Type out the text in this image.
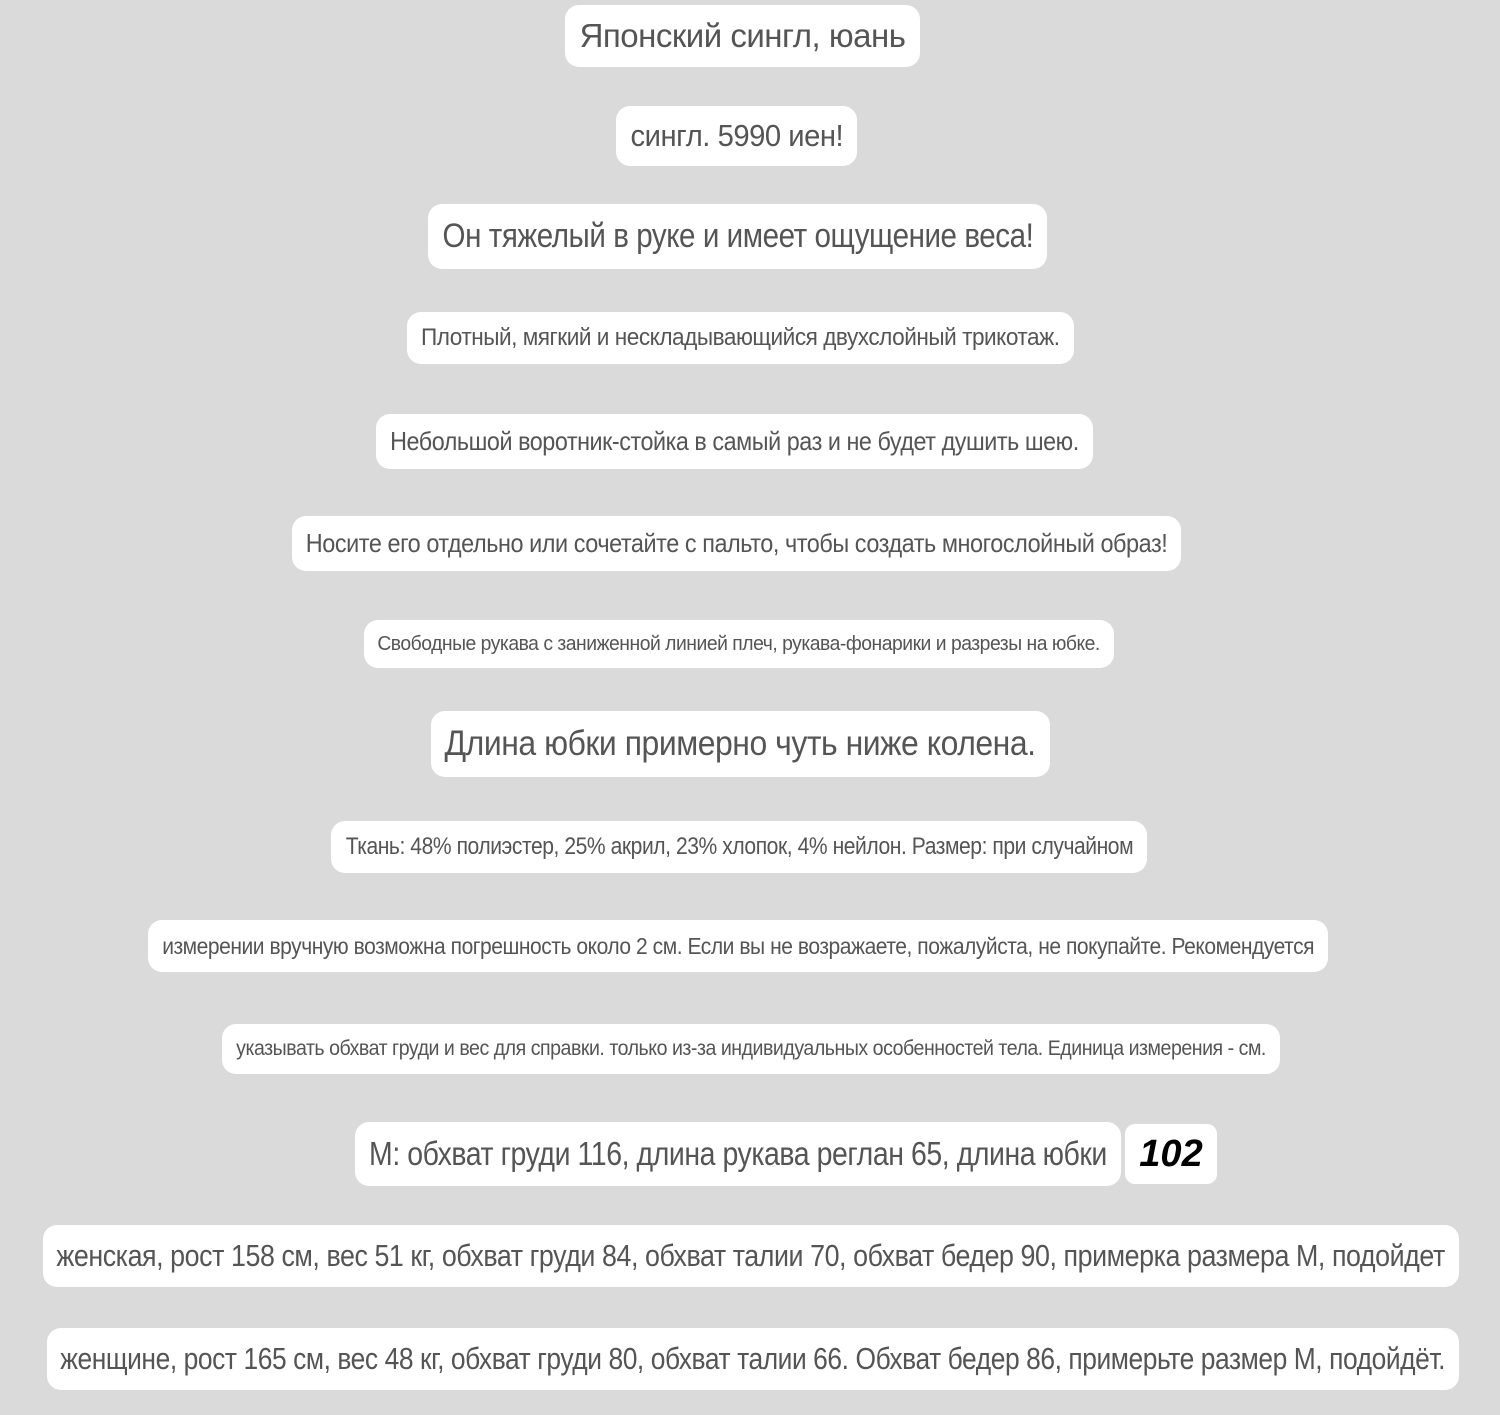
Японский сингл, юань
сингл. 5990 иен!
Он тяжелый в руке и имеет ощущение веса!
Плотный, мягкий и нескладывающийся двухслойный трикотаж.
Небольшой воротник-стойка в самый раз и не будет душить шею.
Носите его отдельно или сочетайте с пальто, чтобы создать многослойный образ!
Свободные рукава с заниженной линией плеч, рукава-фонарики и разрезы на юбке.
Длина юбки примерно чуть ниже колена.
Ткань: 48% полиэстер, 25% акрил, 23% хлопок, 4% нейлон. Размер: при случайном
измерении вручную возможна погрешность около 2 см. Если вы не возражаете, пожалуйста, не покупайте. Рекомендуется
указывать обхват груди и вес для справки. только из-за индивидуальных особенностей тела. Единица измерения - см.
М: обхват груди 116, длина рукава реглан 65, длина юбки 102
женская, рост 158 см, вес 51 кг, обхват груди 84, обхват талии 70, обхват бедер 90, примерка размера М, подойдет
женщине, рост 165 см, вес 48 кг, обхват груди 80, обхват талии 66. Обхват бедер 86, примерьте размер М, подойдёт.
